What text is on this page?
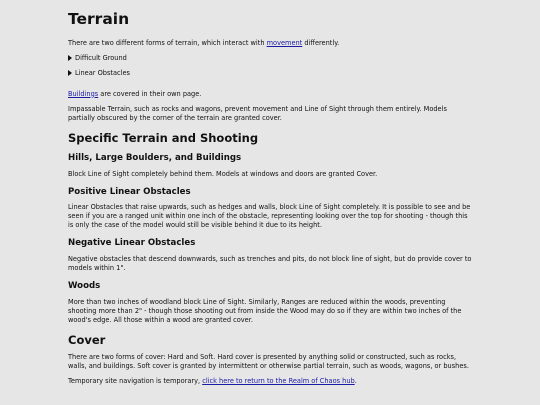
Terrain

There are two different forms of terrain, which interact with movement differently.

Difficult Ground
Linear Obstacles

Buildings are covered in their own page.

Impassable Terrain, such as rocks and wagons, prevent movement and Line of Sight through them entirely. Models partially obscured by the corner of the terrain are granted cover.

Specific Terrain and Shooting
Hills, Large Boulders, and Buildings

Block Line of Sight completely behind them. Models at windows and doors are granted Cover.

Positive Linear Obstacles

Linear Obstacles that raise upwards, such as hedges and walls, block Line of Sight completely. It is possible to see and be seen if you are a ranged unit within one inch of the obstacle, representing looking over the top for shooting - though this is only the case of the model would still be visible behind it due to its height.

Negative Linear Obstacles

Negative obstacles that descend downwards, such as trenches and pits, do not block line of sight, but do provide cover to models within 1".

Woods

More than two inches of woodland block Line of Sight. Similarly, Ranges are reduced within the woods, preventing shooting more than 2" - though those shooting out from inside the Wood may do so if they are within two inches of the wood's edge. All those within a wood are granted cover.

Cover

There are two forms of cover: Hard and Soft. Hard cover is presented by anything solid or constructed, such as rocks, walls, and buildings. Soft cover is granted by intermittent or otherwise partial terrain, such as woods, wagons, or bushes.

Temporary site navigation is temporary, click here to return to the Realm of Chaos hub.
